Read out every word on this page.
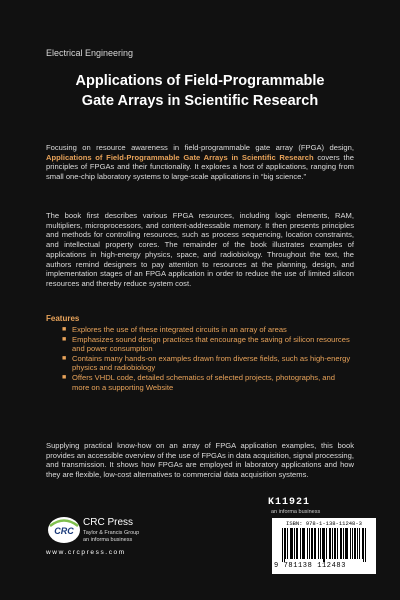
Electrical Engineering
Applications of Field-Programmable
Gate Arrays in Scientific Research
Focusing on resource awareness in field-programmable gate array (FPGA) design, Applications of Field-Programmable Gate Arrays in Scientific Research covers the principles of FPGAs and their functionality. It explores a host of applications, ranging from small one-chip laboratory systems to large-scale applications in “big science.”
The book first describes various FPGA resources, including logic elements, RAM, multipliers, microprocessors, and content-addressable memory. It then presents principles and methods for controlling resources, such as process sequencing, location constraints, and intellectual property cores. The remainder of the book illustrates examples of applications in high-energy physics, space, and radiobiology. Throughout the text, the authors remind designers to pay attention to resources at the planning, design, and implementation stages of an FPGA application in order to reduce the use of limited silicon resources and thereby reduce system cost.
Features
■ Explores the use of these integrated circuits in an array of areas
■ Emphasizes sound design practices that encourage the saving of silicon resources and power consumption
■ Contains many hands-on examples drawn from diverse fields, such as high-energy physics and radiobiology
■ Offers VHDL code, detailed schematics of selected projects, photographs, and more on a supporting Website
Supplying practical know-how on an array of FPGA application examples, this book provides an accessible overview of the use of FPGAs in data acquisition, signal processing, and transmission. It shows how FPGAs are employed in laboratory applications and how they are flexible, low-cost alternatives to commercial data acquisition systems.
K11921
an informa business
ISBN: 978-1-138-11248-3
9 781138 112483
CRC
CRC Press
Taylor & Francis Group
an informa business
www.crcpress.com
